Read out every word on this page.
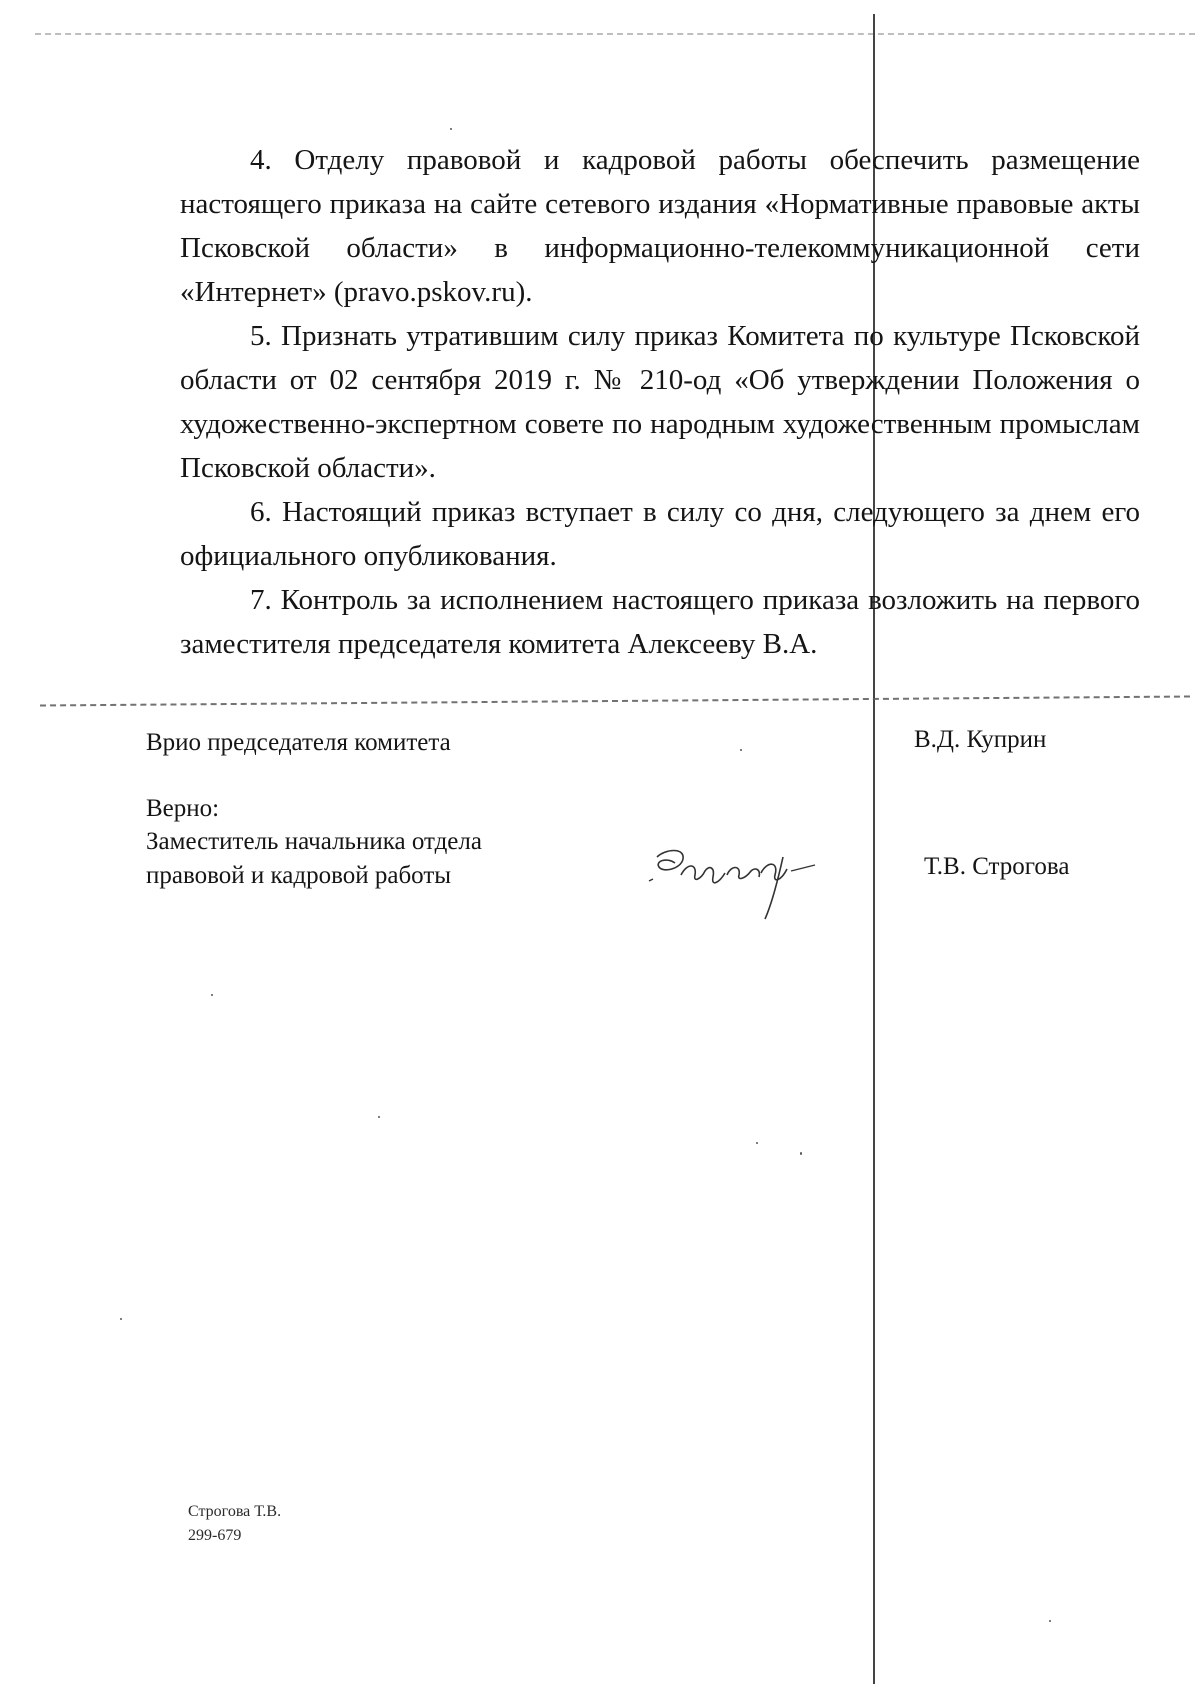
4. Отделу правовой и кадровой работы обеспечить размещение настоящего приказа на сайте сетевого издания «Нормативные правовые акты Псковской области» в информационно-телекоммуникационной сети «Интернет» (pravo.pskov.ru).

5. Признать утратившим силу приказ Комитета по культуре Псковской области от 02 сентября 2019 г. № 210-од «Об утверждении Положения о художественно-экспертном совете по народным художественным промыслам Псковской области».

6. Настоящий приказ вступает в силу со дня, следующего за днем его официального опубликования.

7. Контроль за исполнением настоящего приказа возложить на первого заместителя председателя комитета Алексееву В.А.

Врио председателя комитета	В.Д. Куприн
Верно:
Заместитель начальника отдела
правовой и кадровой работы	Т.В. Строгова
Строгова Т.В.
299-679
